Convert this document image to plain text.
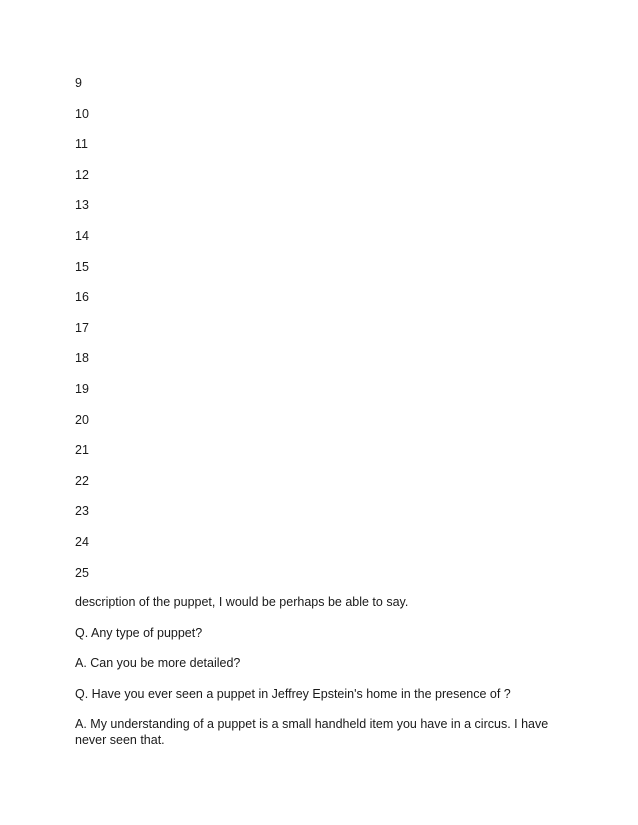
9
10
11
12
13
14
15
16
17
18
19
20
21
22
23
24
25

description of the puppet, I would be perhaps be able to say.

Q. Any type of puppet?

A. Can you be more detailed?

Q. Have you ever seen a puppet in Jeffrey Epstein's home in the presence of ?

A. My understanding of a puppet is a small handheld item you have in a circus. I have never seen that.
